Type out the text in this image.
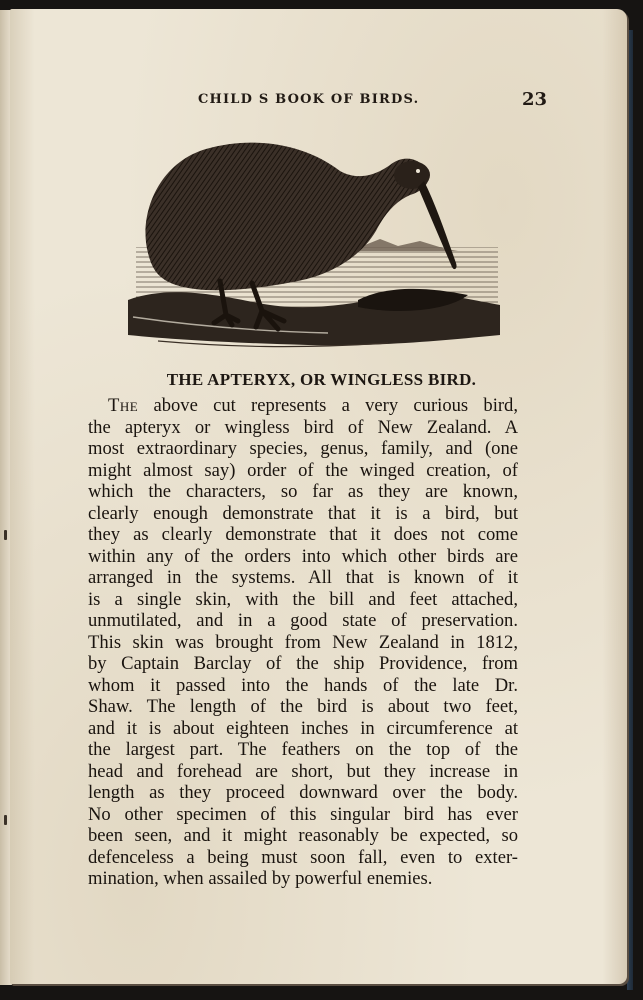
CHILD S BOOK OF BIRDS.	23
THE APTERYX, OR WINGLESS BIRD.
The above cut represents a very curious bird,
the apteryx or wingless bird of New Zealand. A
most extraordinary species, genus, family, and (one
might almost say) order of the winged creation, of
which the characters, so far as they are known,
clearly enough demonstrate that it is a bird, but
they as clearly demonstrate that it does not come
within any of the orders into which other birds are
arranged in the systems. All that is known of it
is a single skin, with the bill and feet attached,
unmutilated, and in a good state of preservation.
This skin was brought from New Zealand in 1812,
by Captain Barclay of the ship Providence, from
whom it passed into the hands of the late Dr.
Shaw. The length of the bird is about two feet,
and it is about eighteen inches in circumference at
the largest part. The feathers on the top of the
head and forehead are short, but they increase in
length as they proceed downward over the body.
No other specimen of this singular bird has ever
been seen, and it might reasonably be expected, so
defenceless a being must soon fall, even to exter-
mination, when assailed by powerful enemies.
